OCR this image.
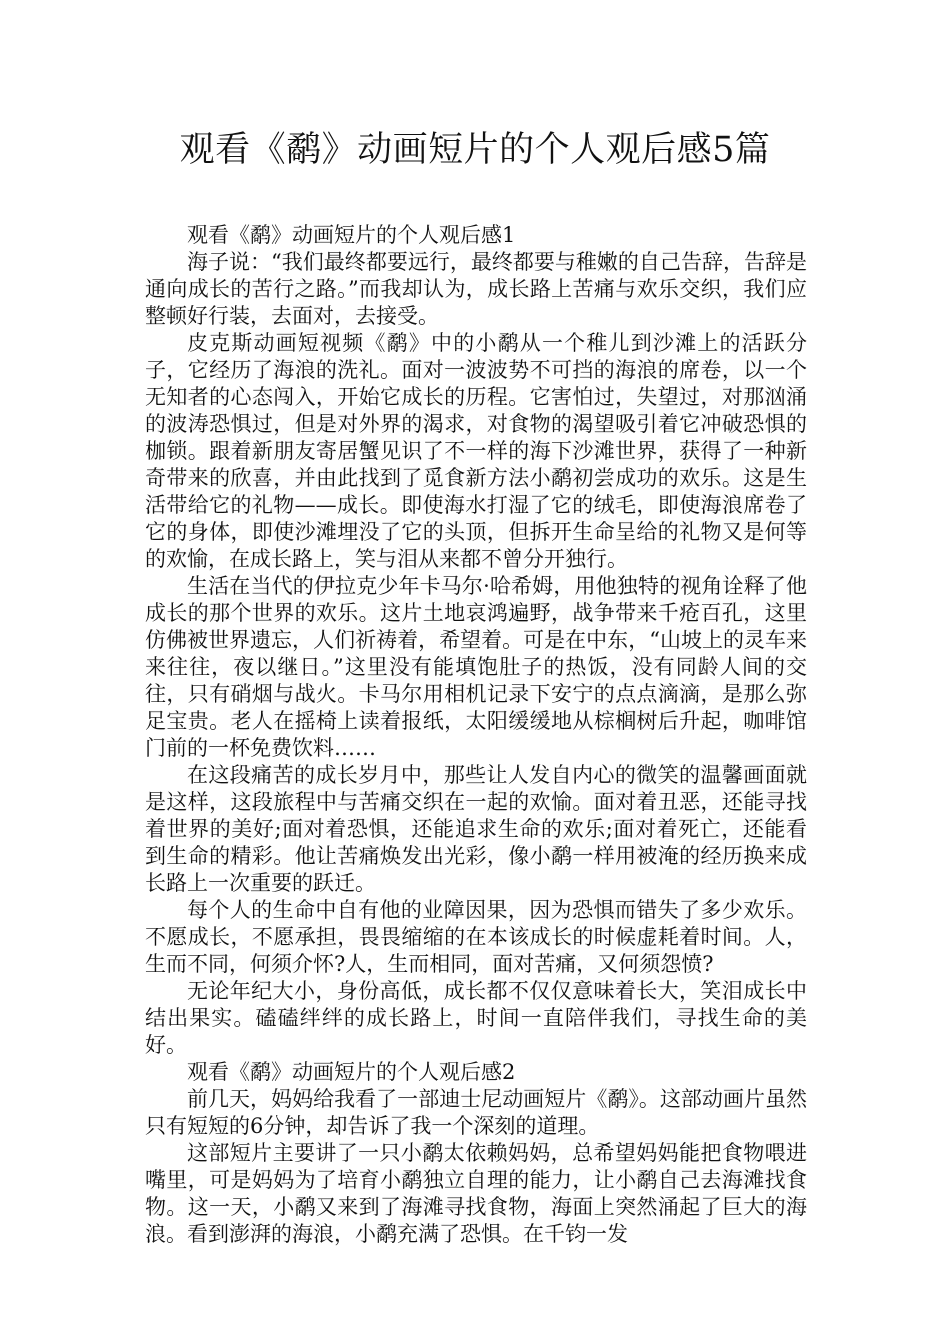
观看《鹬》动画短片的个人观后感5篇

观看《鹬》动画短片的个人观后感1

海子说：“我们最终都要远行，最终都要与稚嫩的自己告辞，告辞是通向成长的苦行之路。”而我却认为，成长路上苦痛与欢乐交织，我们应整顿好行装，去面对，去接受。

皮克斯动画短视频《鹬》中的小鹬从一个稚儿到沙滩上的活跃分子，它经历了海浪的洗礼。面对一波波势不可挡的海浪的席卷，以一个无知者的心态闯入，开始它成长的历程。它害怕过，失望过，对那汹涌的波涛恐惧过，但是对外界的渴求，对食物的渴望吸引着它冲破恐惧的枷锁。跟着新朋友寄居蟹见识了不一样的海下沙滩世界，获得了一种新奇带来的欣喜，并由此找到了觅食新方法小鹬初尝成功的欢乐。这是生活带给它的礼物——成长。即使海水打湿了它的绒毛，即使海浪席卷了它的身体，即使沙滩埋没了它的头顶，但拆开生命呈给的礼物又是何等的欢愉，在成长路上，笑与泪从来都不曾分开独行。

生活在当代的伊拉克少年卡马尔·哈希姆，用他独特的视角诠释了他成长的那个世界的欢乐。这片土地哀鸿遍野，战争带来千疮百孔，这里仿佛被世界遗忘，人们祈祷着，希望着。可是在中东，“山坡上的灵车来来往往，夜以继日。”这里没有能填饱肚子的热饭，没有同龄人间的交往，只有硝烟与战火。卡马尔用相机记录下安宁的点点滴滴，是那么弥足宝贵。老人在摇椅上读着报纸，太阳缓缓地从棕榈树后升起，咖啡馆门前的一杯免费饮料……

在这段痛苦的成长岁月中，那些让人发自内心的微笑的温馨画面就是这样，这段旅程中与苦痛交织在一起的欢愉。面对着丑恶，还能寻找着世界的美好;面对着恐惧，还能追求生命的欢乐;面对着死亡，还能看到生命的精彩。他让苦痛焕发出光彩，像小鹬一样用被淹的经历换来成长路上一次重要的跃迁。

每个人的生命中自有他的业障因果，因为恐惧而错失了多少欢乐。不愿成长，不愿承担，畏畏缩缩的在本该成长的时候虚耗着时间。人，生而不同，何须介怀?人，生而相同，面对苦痛，又何须怨愤?

无论年纪大小，身份高低，成长都不仅仅意味着长大，笑泪成长中结出果实。磕磕绊绊的成长路上，时间一直陪伴我们，寻找生命的美好。

观看《鹬》动画短片的个人观后感2

前几天，妈妈给我看了一部迪士尼动画短片《鹬》。这部动画片虽然只有短短的6分钟，却告诉了我一个深刻的道理。

这部短片主要讲了一只小鹬太依赖妈妈，总希望妈妈能把食物喂进嘴里，可是妈妈为了培育小鹬独立自理的能力，让小鹬自己去海滩找食物。这一天，小鹬又来到了海滩寻找食物，海面上突然涌起了巨大的海浪。看到澎湃的海浪，小鹬充满了恐惧。在千钧一发
